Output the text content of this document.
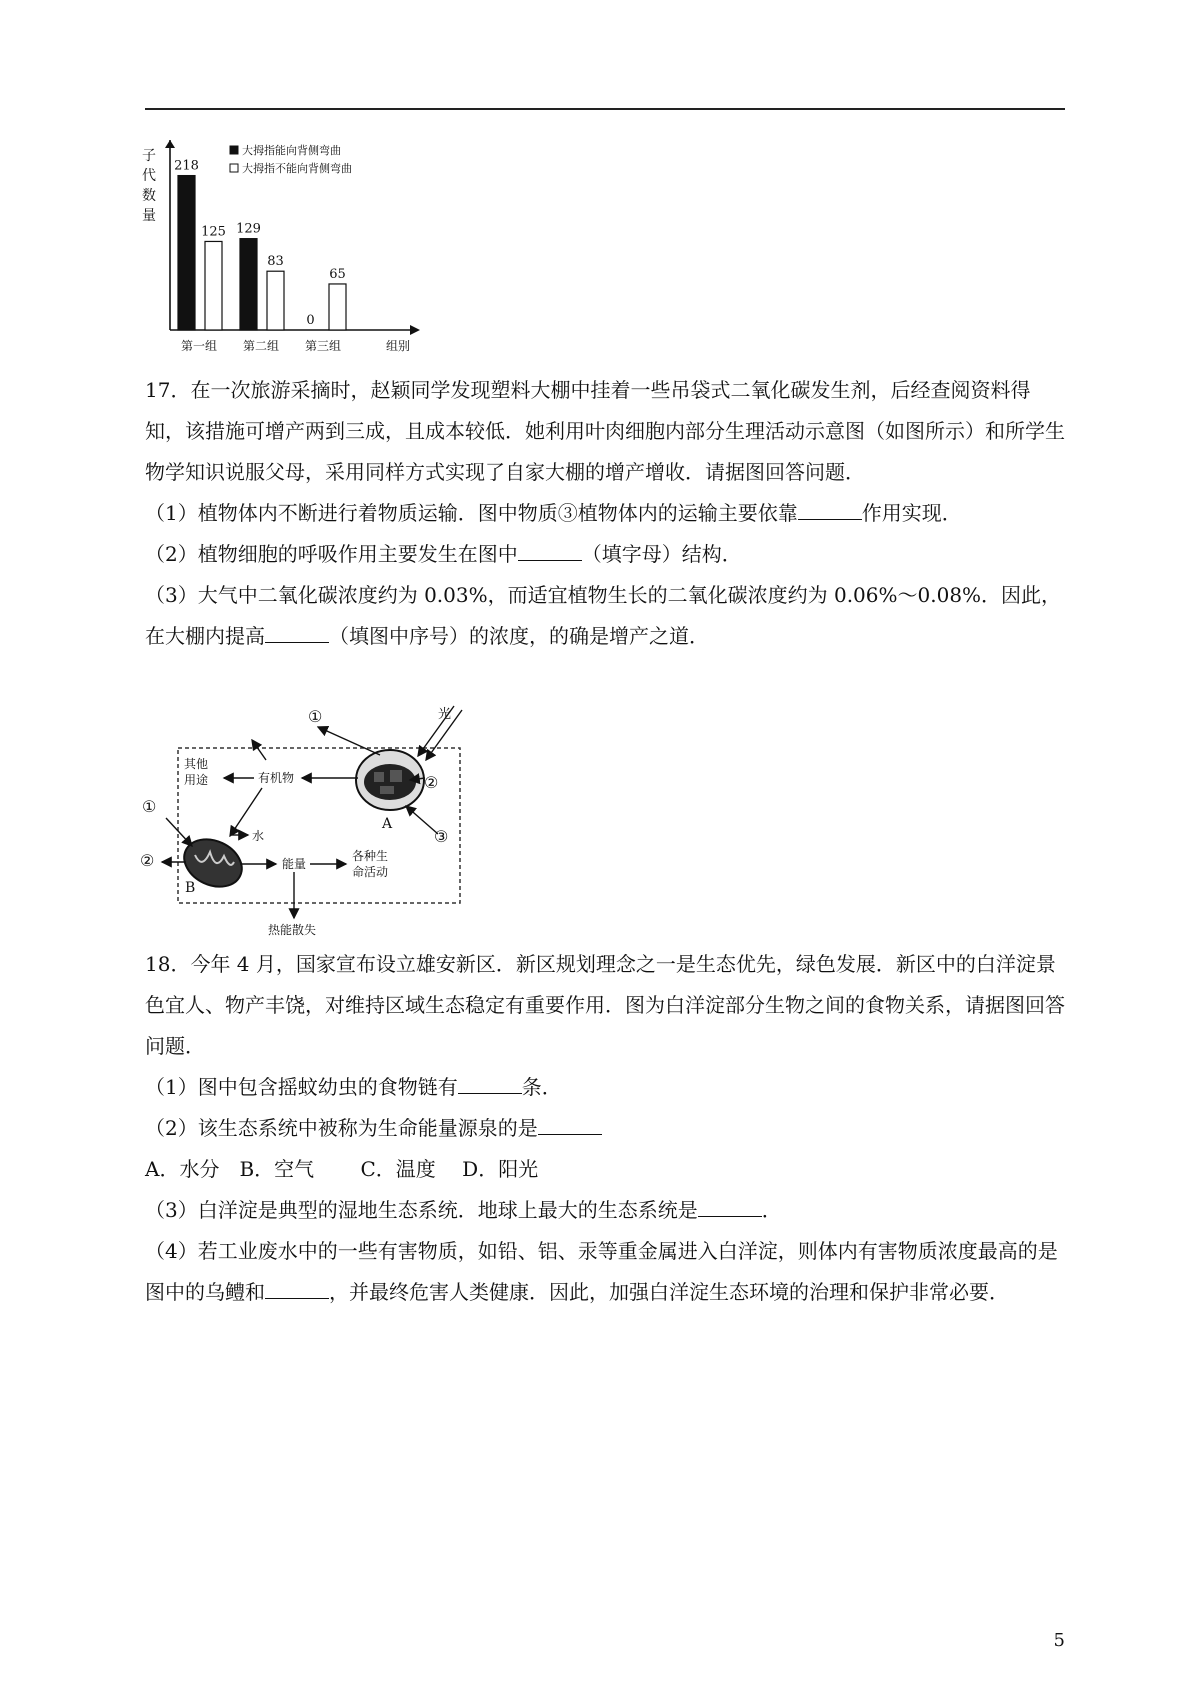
子
代
数
量
218
125
第一组
129
83
第二组
0
65
第三组	组别
大拇指能向背侧弯曲
大拇指不能向背侧弯曲

17．在一次旅游采摘时，赵颖同学发现塑料大棚中挂着一些吊袋式二氧化碳发生剂，后经查阅资料得知，该措施可增产两到三成，且成本较低．她利用叶肉细胞内部分生理活动示意图（如图所示）和所学生物学知识说服父母，采用同样方式实现了自家大棚的增产增收．请据图回答问题．

（1）植物体内不断进行着物质运输．图中物质③植物体内的运输主要依靠	作用实现．

（2）植物细胞的呼吸作用主要发生在图中	（填字母）结构．

（3）大气中二氧化碳浓度约为 0.03%，而适宜植物生长的二氧化碳浓度约为 0.06%～0.08%．因此，在大棚内提高	（填图中序号）的浓度，的确是增产之道．

A
B
①	光
②
③
①
②
其他
用途	有机物
水
能量
各种生
命活动
热能散失

18．今年 4 月，国家宣布设立雄安新区．新区规划理念之一是生态优先，绿色发展．新区中的白洋淀景色宜人、物产丰饶，对维持区域生态稳定有重要作用．图为白洋淀部分生物之间的食物关系，请据图回答问题．

（1）图中包含摇蚊幼虫的食物链有	条．

（2）该生态系统中被称为生命能量源泉的是

A．水分　B．空气　　 C．温度　 D．阳光

（3）白洋淀是典型的湿地生态系统．地球上最大的生态系统是	．

（4）若工业废水中的一些有害物质，如铅、铝、汞等重金属进入白洋淀，则体内有害物质浓度最高的是图中的乌鳢和	，并最终危害人类健康．因此，加强白洋淀生态环境的治理和保护非常必要．

5
